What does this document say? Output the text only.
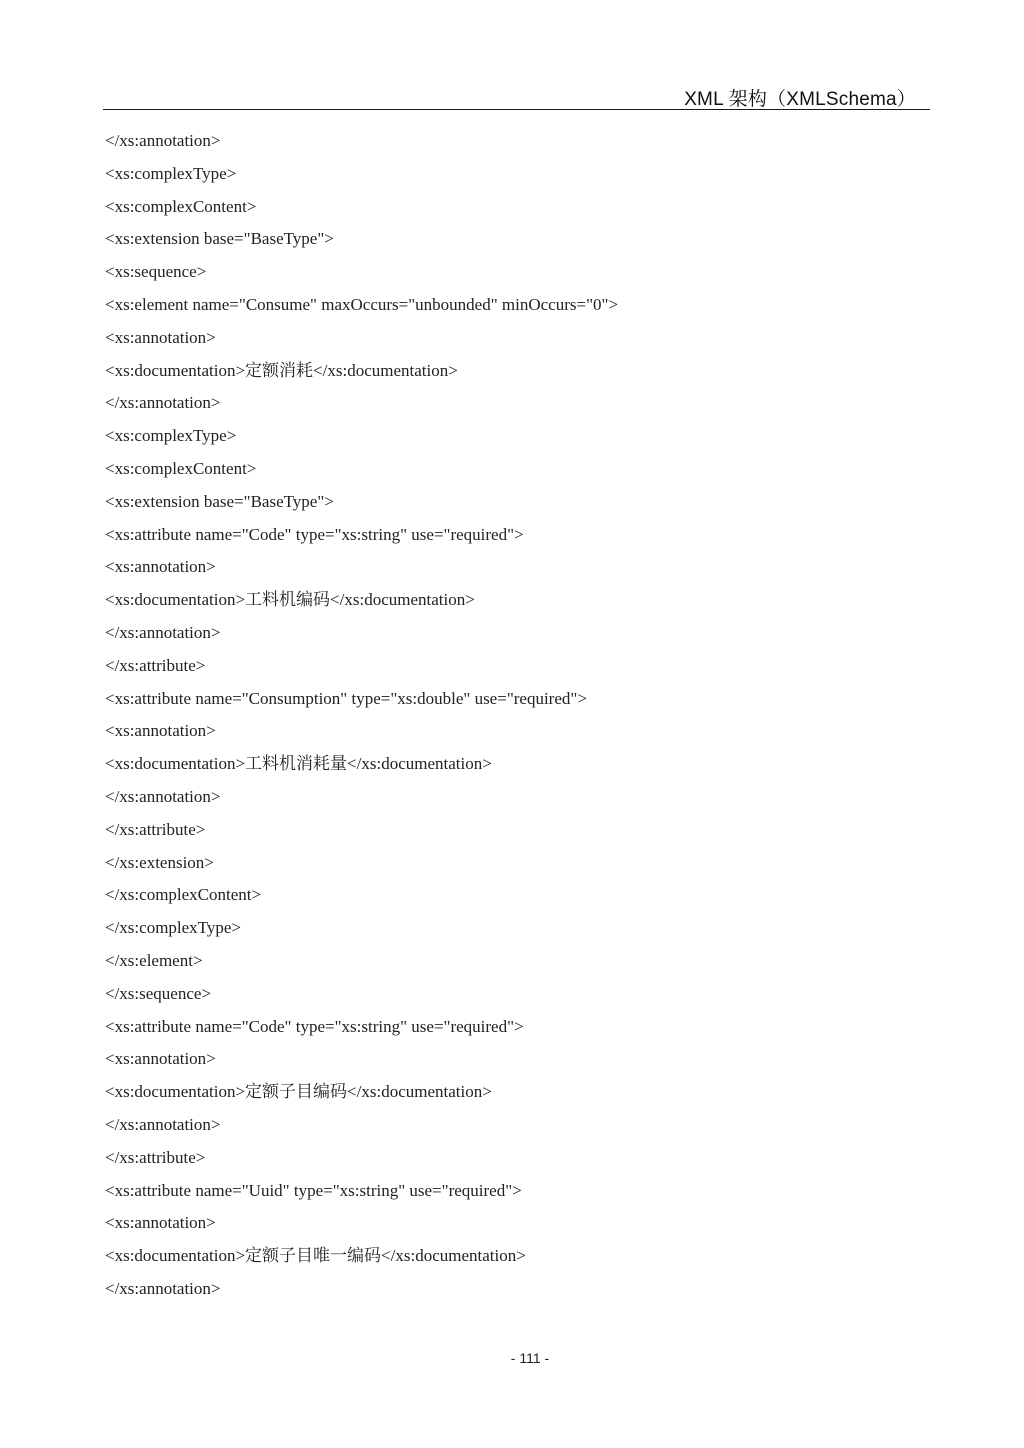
XML 架构（XMLSchema）
</xs:annotation>
<xs:complexType>
<xs:complexContent>
<xs:extension base="BaseType">
<xs:sequence>
<xs:element name="Consume" maxOccurs="unbounded" minOccurs="0">
<xs:annotation>
<xs:documentation>定额消耗</xs:documentation>
</xs:annotation>
<xs:complexType>
<xs:complexContent>
<xs:extension base="BaseType">
<xs:attribute name="Code" type="xs:string" use="required">
<xs:annotation>
<xs:documentation>工料机编码</xs:documentation>
</xs:annotation>
</xs:attribute>
<xs:attribute name="Consumption" type="xs:double" use="required">
<xs:annotation>
<xs:documentation>工料机消耗量</xs:documentation>
</xs:annotation>
</xs:attribute>
</xs:extension>
</xs:complexContent>
</xs:complexType>
</xs:element>
</xs:sequence>
<xs:attribute name="Code" type="xs:string" use="required">
<xs:annotation>
<xs:documentation>定额子目编码</xs:documentation>
</xs:annotation>
</xs:attribute>
<xs:attribute name="Uuid" type="xs:string" use="required">
<xs:annotation>
<xs:documentation>定额子目唯一编码</xs:documentation>
</xs:annotation>
- 111 -
